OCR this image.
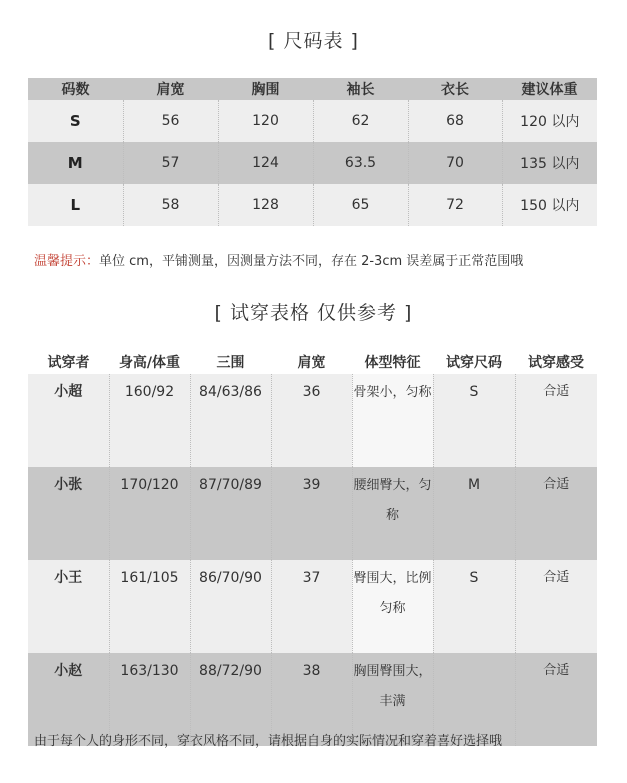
[ 尺码表 ]
码数	肩宽	胸围	袖长	衣长	建议体重
S	56	120	62	68	120 以内
M	57	124	63.5	70	135 以内
L	58	128	65	72	150 以内
温馨提示：单位 cm，平铺测量，因测量方法不同，存在 2-3cm 误差属于正常范围哦
[ 试穿表格 仅供参考 ]
试穿者	身高/体重	三围	肩宽	体型特征	试穿尺码	试穿感受
小超	160/92	84/63/86	36	骨架小，匀称	S	合适
小张	170/120	87/70/89	39	腰细臀大，匀称	M	合适
小王	161/105	86/70/90	37	臀围大，比例匀称	S	合适
小赵	163/130	88/72/90	38	胸围臀围大，丰满		合适
由于每个人的身形不同，穿衣风格不同，请根据自身的实际情况和穿着喜好选择哦
